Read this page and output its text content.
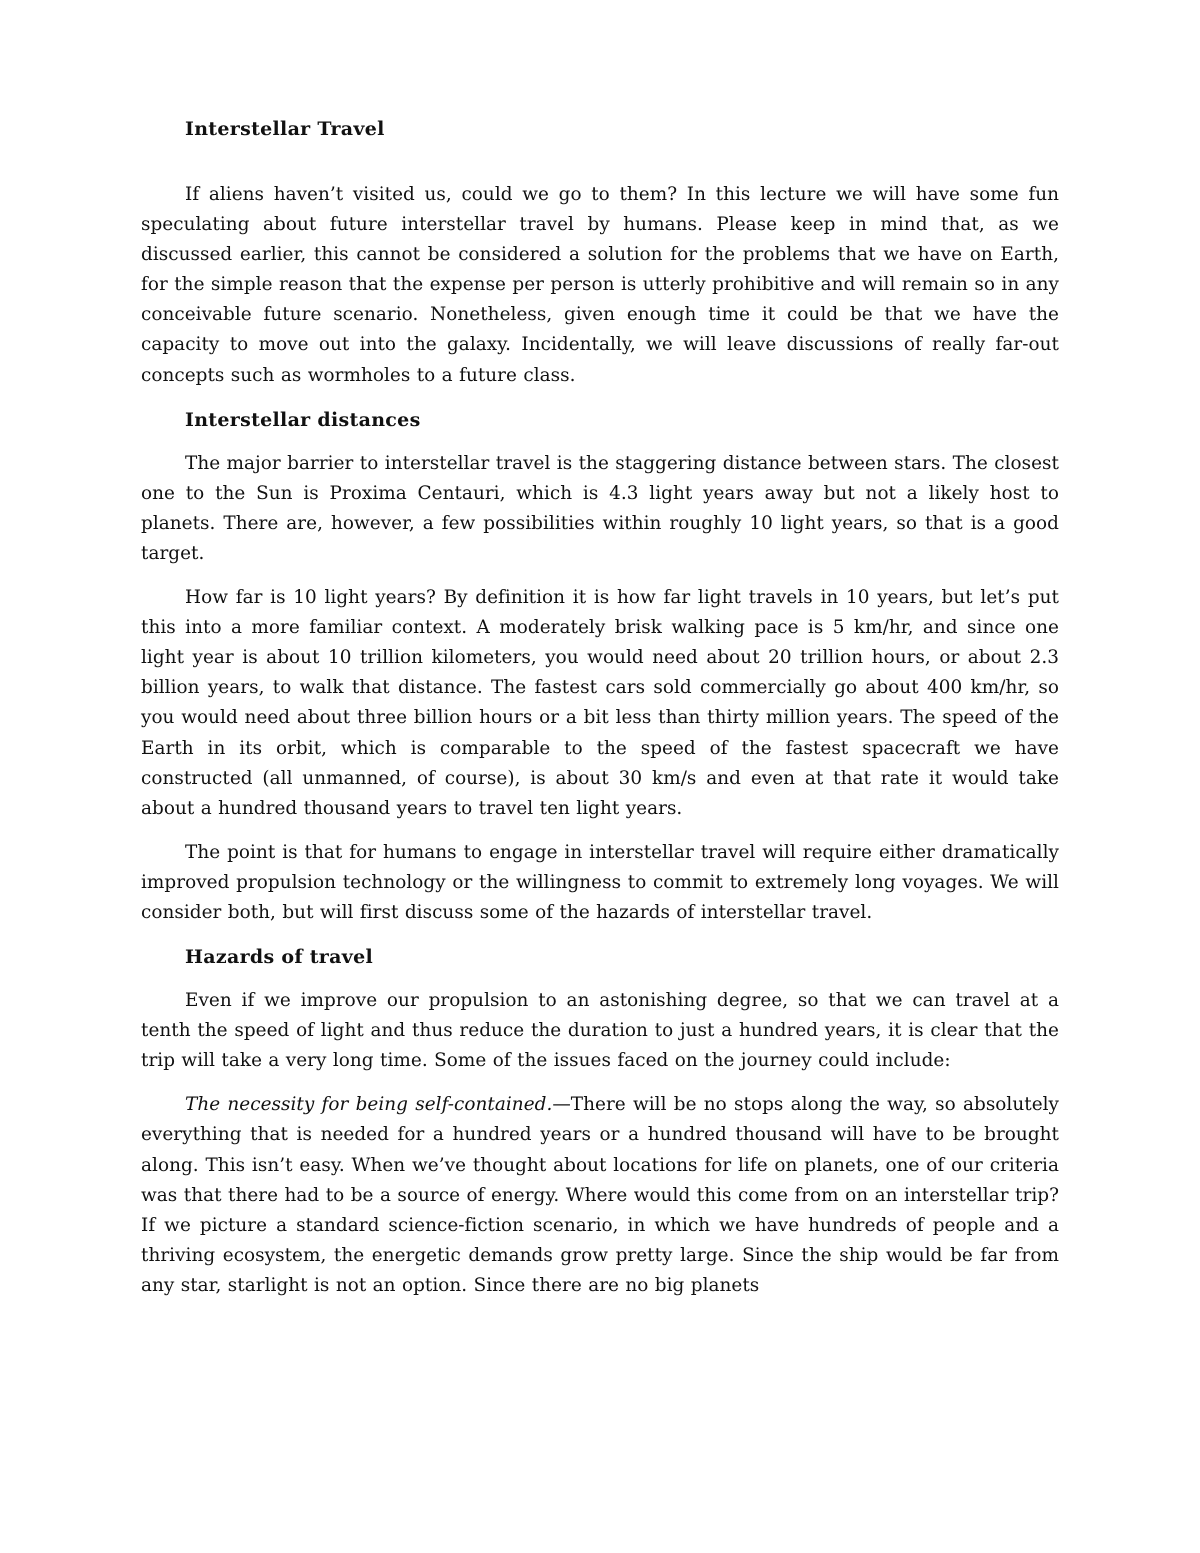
Interstellar Travel

If aliens haven’t visited us, could we go to them? In this lecture we will have some fun speculating about future interstellar travel by humans. Please keep in mind that, as we discussed earlier, this cannot be considered a solution for the problems that we have on Earth, for the simple reason that the expense per person is utterly prohibitive and will remain so in any conceivable future scenario. Nonetheless, given enough time it could be that we have the capacity to move out into the galaxy. Incidentally, we will leave discussions of really far-out concepts such as wormholes to a future class.

Interstellar distances

The major barrier to interstellar travel is the staggering distance between stars. The closest one to the Sun is Proxima Centauri, which is 4.3 light years away but not a likely host to planets. There are, however, a few possibilities within roughly 10 light years, so that is a good target.

How far is 10 light years? By definition it is how far light travels in 10 years, but let’s put this into a more familiar context. A moderately brisk walking pace is 5 km/hr, and since one light year is about 10 trillion kilometers, you would need about 20 trillion hours, or about 2.3 billion years, to walk that distance. The fastest cars sold commercially go about 400 km/hr, so you would need about three billion hours or a bit less than thirty million years. The speed of the Earth in its orbit, which is comparable to the speed of the fastest spacecraft we have constructed (all unmanned, of course), is about 30 km/s and even at that rate it would take about a hundred thousand years to travel ten light years.

The point is that for humans to engage in interstellar travel will require either dramatically improved propulsion technology or the willingness to commit to extremely long voyages. We will consider both, but will first discuss some of the hazards of interstellar travel.

Hazards of travel

Even if we improve our propulsion to an astonishing degree, so that we can travel at a tenth the speed of light and thus reduce the duration to just a hundred years, it is clear that the trip will take a very long time. Some of the issues faced on the journey could include:

The necessity for being self-contained.—There will be no stops along the way, so absolutely everything that is needed for a hundred years or a hundred thousand will have to be brought along. This isn’t easy. When we’ve thought about locations for life on planets, one of our criteria was that there had to be a source of energy. Where would this come from on an interstellar trip? If we picture a standard science-fiction scenario, in which we have hundreds of people and a thriving ecosystem, the energetic demands grow pretty large. Since the ship would be far from any star, starlight is not an option. Since there are no big planets
